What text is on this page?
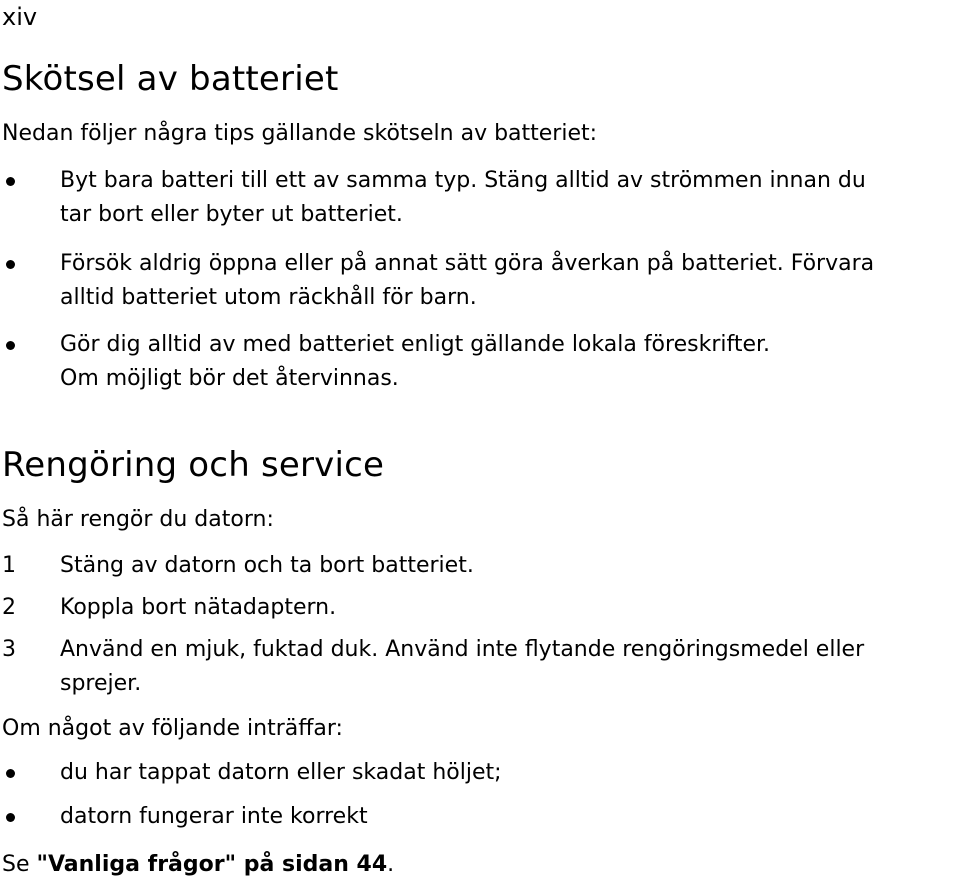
xiv
Skötsel av batteriet

Nedan följer några tips gällande skötseln av batteriet:

Byt bara batteri till ett av samma typ. Stäng alltid av strömmen innan du

tar bort eller byter ut batteriet.

Försök aldrig öppna eller på annat sätt göra åverkan på batteriet. Förvara

alltid batteriet utom räckhåll för barn.

Gör dig alltid av med batteriet enligt gällande lokala föreskrifter.

Om möjligt bör det återvinnas.

Rengöring och service

Så här rengör du datorn:

1 Stäng av datorn och ta bort batteriet.

2 Koppla bort nätadaptern.

3 Använd en mjuk, fuktad duk. Använd inte flytande rengöringsmedel eller

sprejer.

Om något av följande inträffar:

du har tappat datorn eller skadat höljet;

datorn fungerar inte korrekt

Se "Vanliga frågor" på sidan 44.
